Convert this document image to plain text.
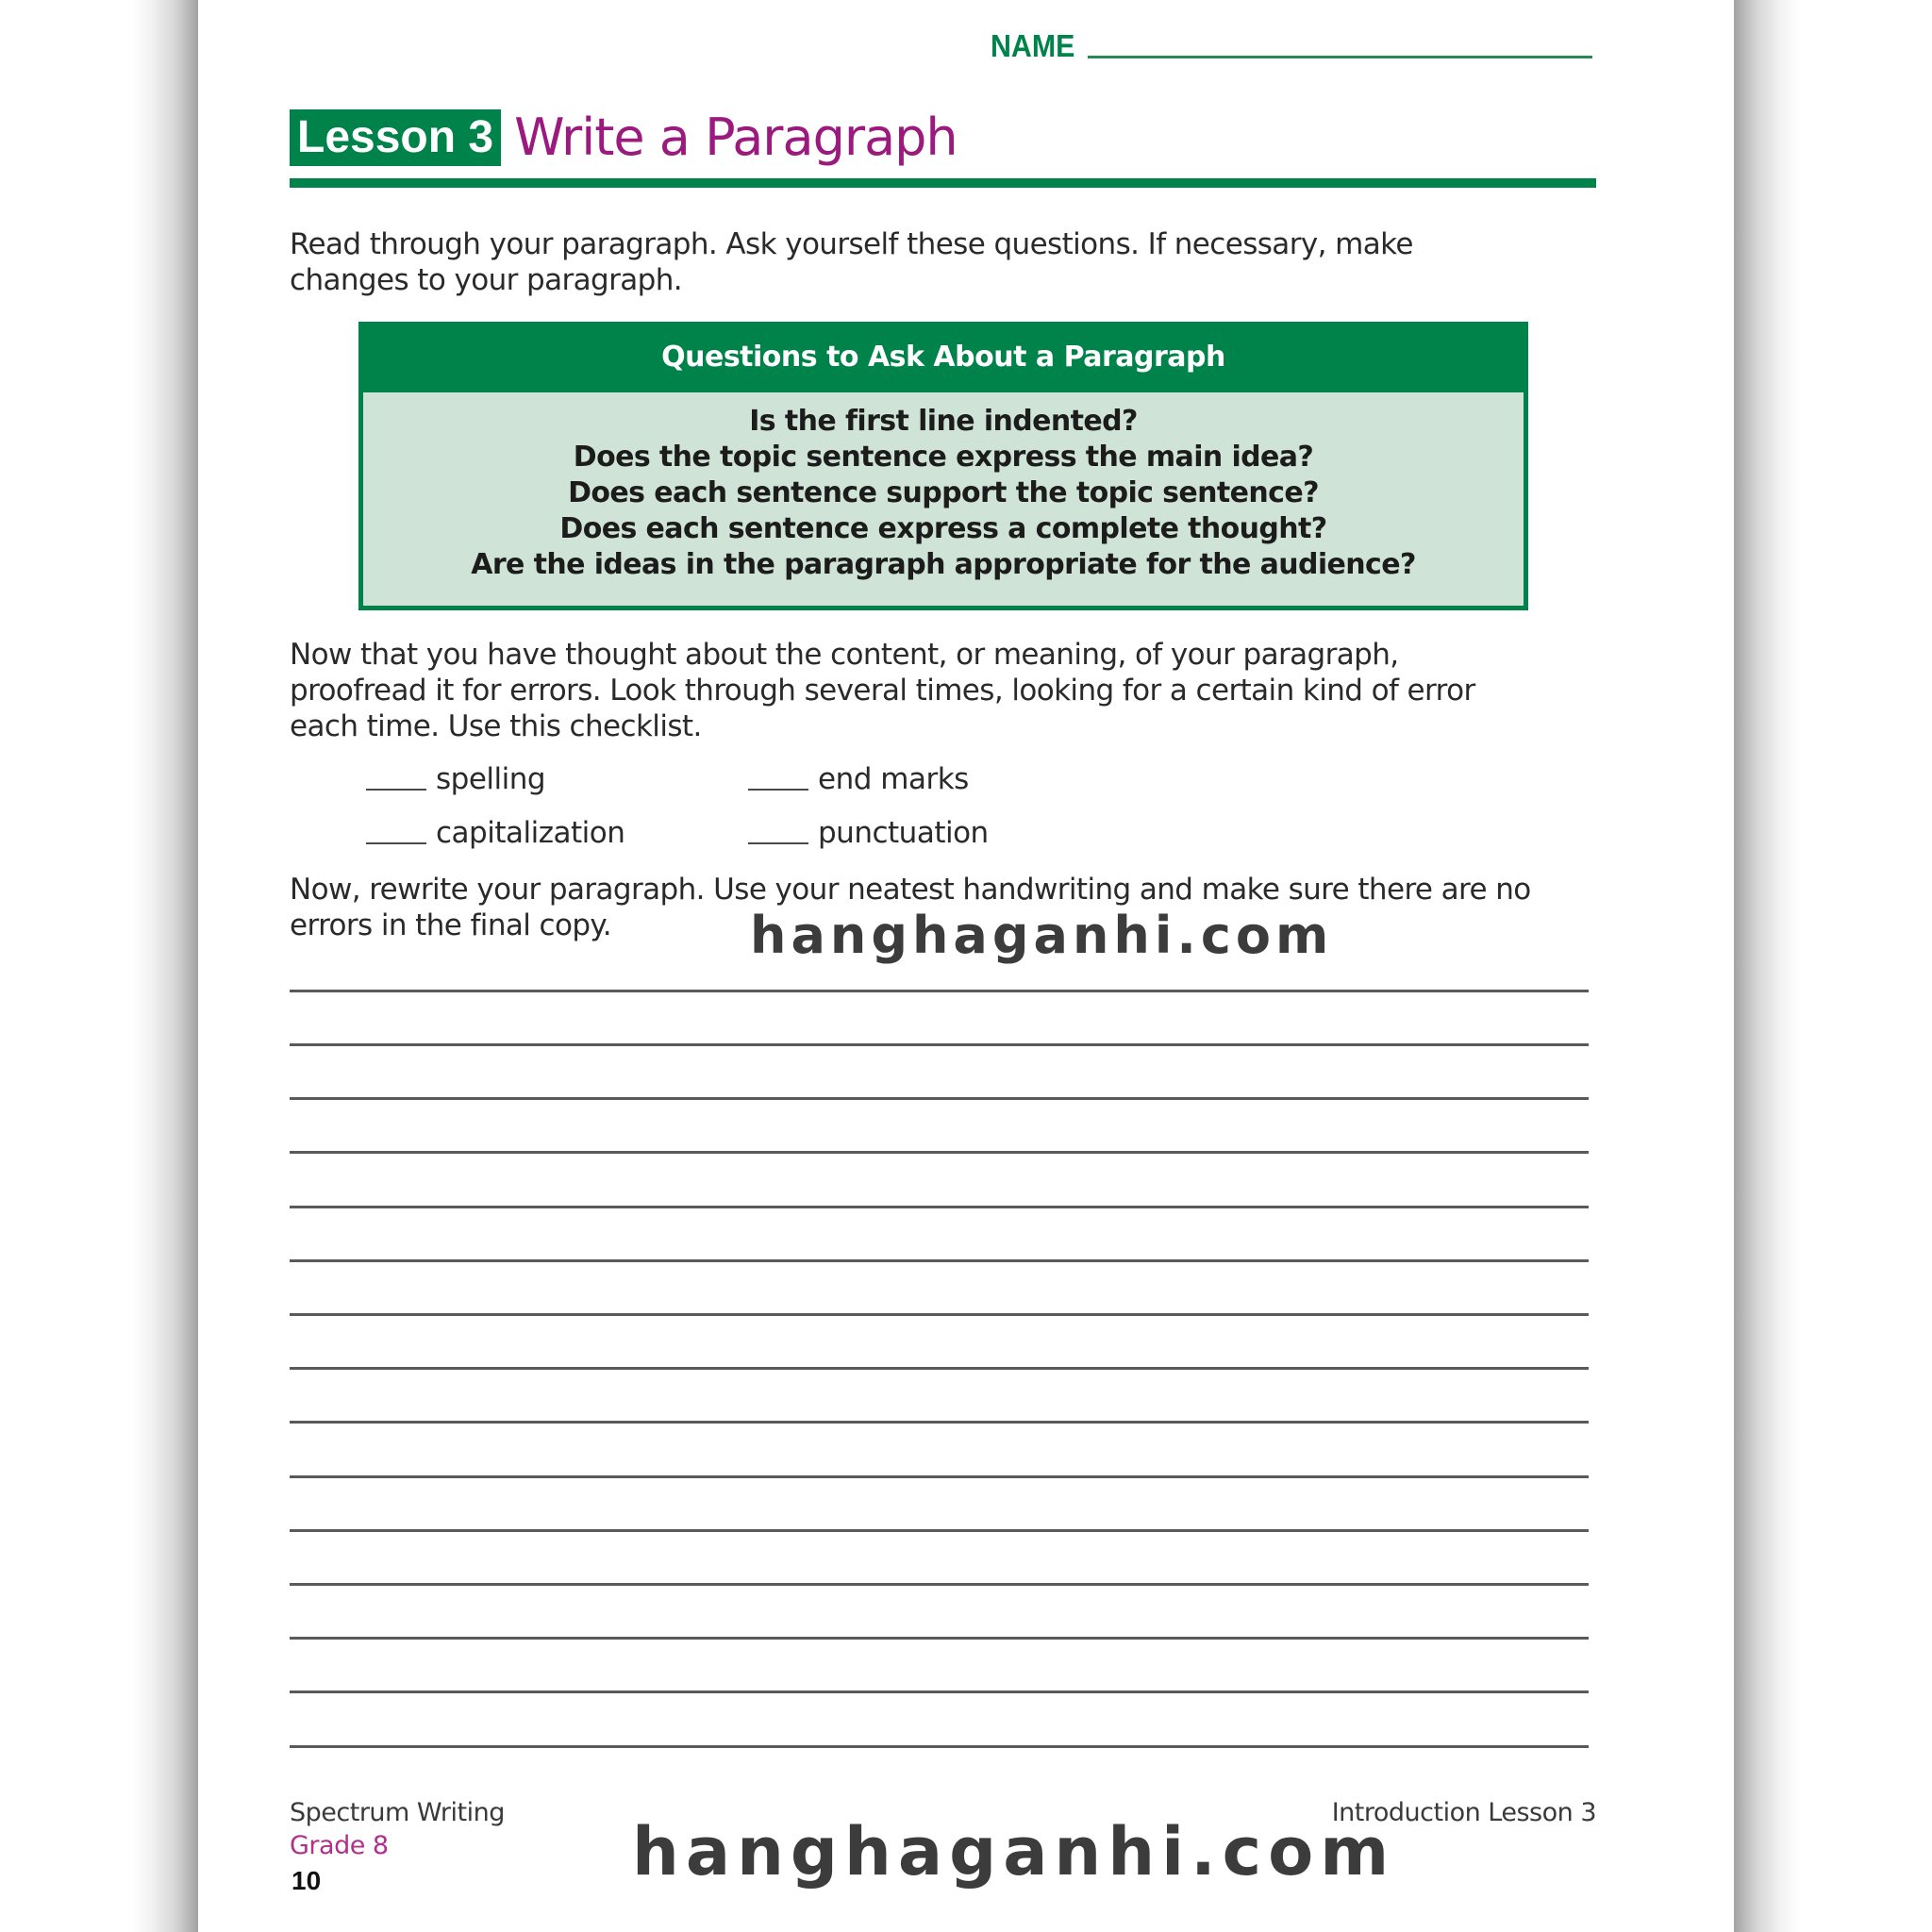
NAME
Lesson 3 Write a Paragraph
Read through your paragraph. Ask yourself these questions. If necessary, make
changes to your paragraph.
Questions to Ask About a Paragraph
Is the first line indented?
Does the topic sentence express the main idea?
Does each sentence support the topic sentence?
Does each sentence express a complete thought?
Are the ideas in the paragraph appropriate for the audience?
Now that you have thought about the content, or meaning, of your paragraph,
proofread it for errors. Look through several times, looking for a certain kind of error
each time. Use this checklist.
spelling	end marks
capitalization	punctuation
Now, rewrite your paragraph. Use your neatest handwriting and make sure there are no
errors in the final copy.	hanghaganhi.com
Spectrum Writing
Grade 8
10
Introduction Lesson 3
hanghaganhi.com
